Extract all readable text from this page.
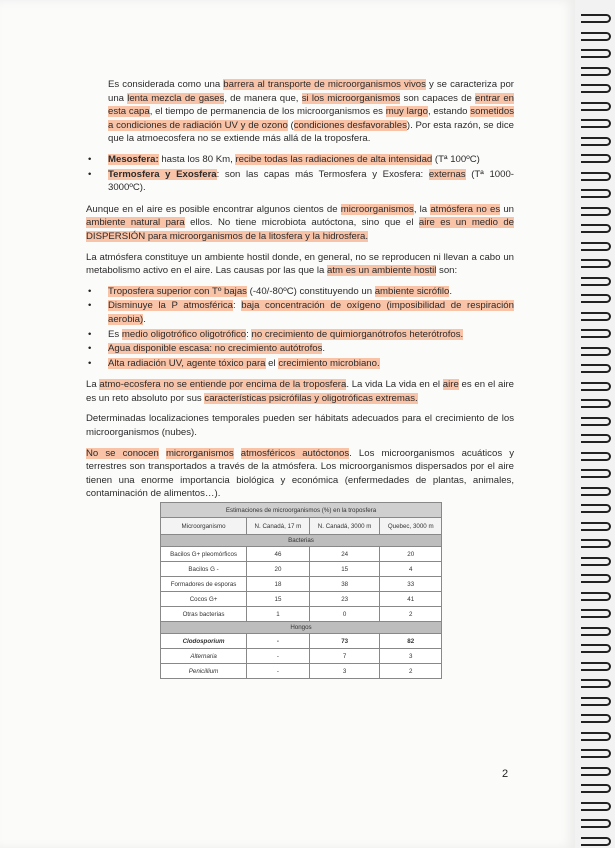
Es considerada como una barrera al transporte de microorganismos vivos y se caracteriza por una lenta mezcla de gases, de manera que, si los microorganismos son capaces de entrar en esta capa, el tiempo de permanencia de los microorganismos es muy largo, estando sometidos a condiciones de radiación UV y de ozono (condiciones desfavorables). Por esta razón, se dice que la atmoecosfera no se extiende más allá de la troposfera.

• Mesosfera: hasta los 80 Km, recibe todas las radiaciones de alta intensidad (Tª 100ºC)
• Termosfera y Exosfera: son las capas más Termosfera y Exosfera: externas (Tª 1000-3000ºC).

Aunque en el aire es posible encontrar algunos cientos de microorganismos, la atmósfera no es un ambiente natural para ellos. No tiene microbiota autóctona, sino que el aire es un medio de DISPERSIÓN para microorganismos de la litosfera y la hidrosfera.

La atmósfera constituye un ambiente hostil donde, en general, no se reproducen ni llevan a cabo un metabolismo activo en el aire. Las causas por las que la atm es un ambiente hostil son:

• Troposfera superior con Tº bajas (-40/-80ºC) constituyendo un ambiente sicrófilo.
• Disminuye la P atmosférica: baja concentración de oxígeno (imposibilidad de respiración aerobia).
• Es medio oligotrófico oligotrófico: no crecimiento de quimiorganótrofos heterótrofos.
• Agua disponible escasa: no crecimiento autótrofos.
• Alta radiación UV, agente tóxico para el crecimiento microbiano.

La atmo-ecosfera no se entiende por encima de la troposfera. La vida La vida en el aire es en el aire es un reto absoluto por sus características psicrófilas y oligotróficas extremas.

Determinadas localizaciones temporales pueden ser hábitats adecuados para el crecimiento de los microorganismos (nubes).

No se conocen microrganismos atmosféricos autóctonos. Los microorganismos acuáticos y terrestres son transportados a través de la atmósfera. Los microorganismos dispersados por el aire tienen una enorme importancia biológica y económica (enfermedades de plantas, animales, contaminación de alimentos…).

Estimaciones de microorganismos (%) en la troposfera			
Microorganismo	N. Canadá, 17 m	N. Canadá, 3000 m	Quebec, 3000 m
Bacterias			
Bacilos G+ pleomórficos	46	24	20
Bacilos G -	20	15	4
Formadores de esporas	18	38	33
Cocos G+	15	23	41
Otras bacterias	1	0	2
Hongos			
Clodosporium	-	73	82
Alternaria	-	7	3
Penicillium	-	3	2
2
